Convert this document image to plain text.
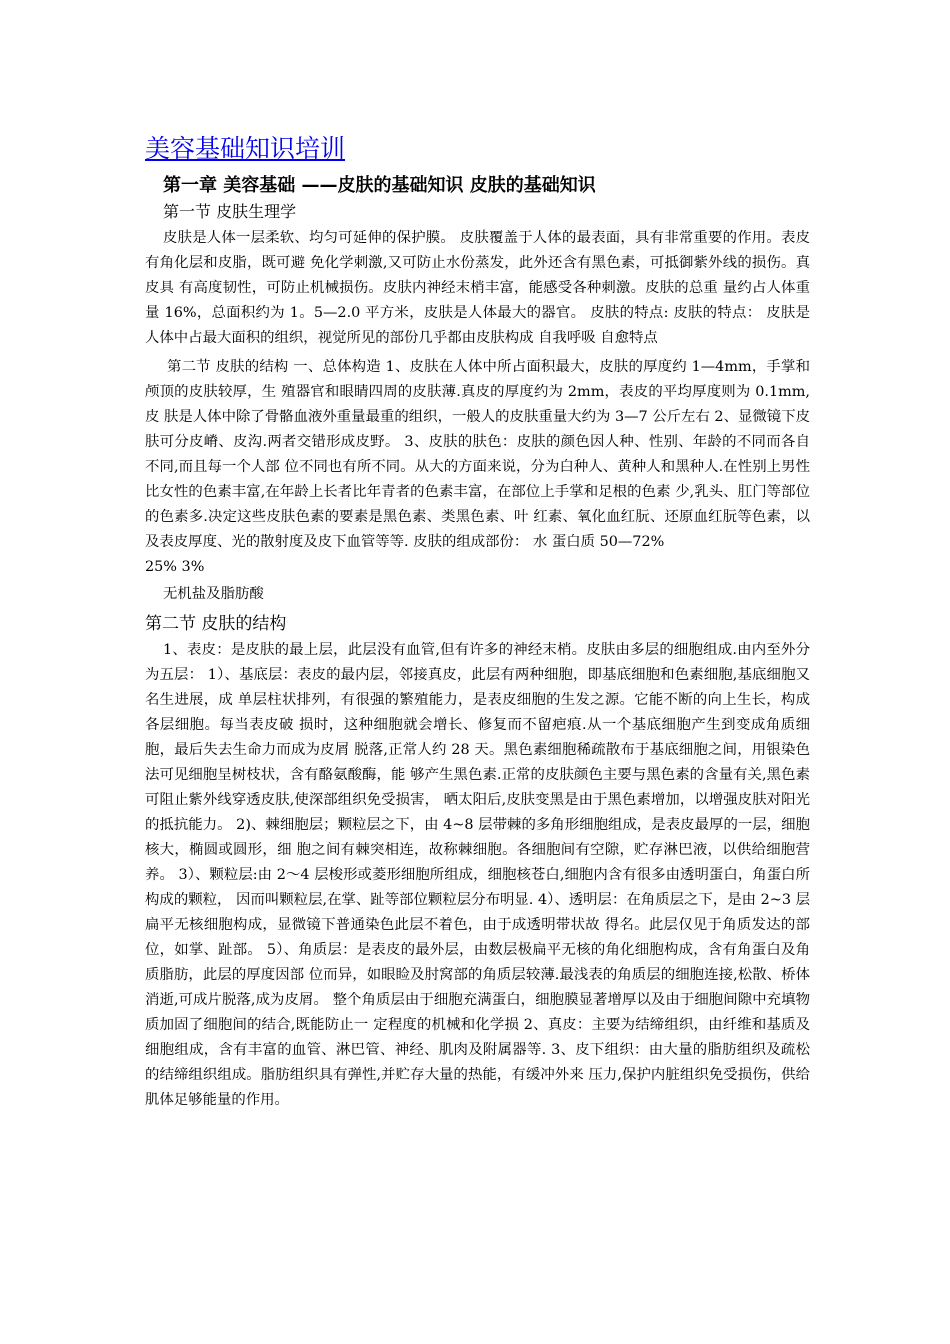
美容基础知识培训
第一章 美容基础 ——皮肤的基础知识 皮肤的基础知识
第一节 皮肤生理学

皮肤是人体一层柔软、均匀可延伸的保护膜。 皮肤覆盖于人体的最表面，具有非常重要的作用。表皮有角化层和皮脂，既可避 免化学刺激,又可防止水份蒸发，此外还含有黑色素，可抵御紫外线的损伤。真皮具 有高度韧性，可防止机械损伤。皮肤内神经末梢丰富，能感受各种刺激。皮肤的总重 量约占人体重量 16%，总面积约为 1。5—2.0 平方米，皮肤是人体最大的器官。 皮肤的特点: 皮肤的特点： 皮肤是人体中占最大面积的组织，视觉所见的部份几乎都由皮肤构成 自我呼吸 自愈特点

第二节 皮肤的结构 一、总体构造 1、皮肤在人体中所占面积最大，皮肤的厚度约 1—4mm，手掌和颅顶的皮肤较厚，生 殖器官和眼睛四周的皮肤薄.真皮的厚度约为 2mm，表皮的平均厚度则为 0.1mm,皮 肤是人体中除了骨骼血液外重量最重的组织，一般人的皮肤重量大约为 3—7 公斤左右 2、显微镜下皮肤可分皮嵴、皮沟.两者交错形成皮野。 3、皮肤的肤色：皮肤的颜色因人种、性别、年龄的不同而各自不同,而且每一个人部 位不同也有所不同。从大的方面来说，分为白种人、黄种人和黑种人.在性别上男性 比女性的色素丰富,在年龄上长者比年青者的色素丰富，在部位上手掌和足根的色素 少,乳头、肛门等部位的色素多.决定这些皮肤色素的要素是黑色素、类黑色素、叶 红素、氧化血红朊、还原血红朊等色素，以及表皮厚度、光的散射度及皮下血管等等. 皮肤的组成部份： 水 蛋白质 50—72%

25% 3%

无机盐及脂肪酸
第二节 皮肤的结构

1、表皮：是皮肤的最上层，此层没有血管,但有许多的神经末梢。皮肤由多层的细胞组成.由内至外分为五层： 1）、基底层：表皮的最内层，邻接真皮，此层有两种细胞，即基底细胞和色素细胞,基底细胞又名生进展，成 单层柱状排列，有很强的繁殖能力，是表皮细胞的生发之源。它能不断的向上生长，构成各层细胞。每当表皮破 损时，这种细胞就会增长、修复而不留疤痕.从一个基底细胞产生到变成角质细胞，最后失去生命力而成为皮屑 脱落,正常人约 28 天。黑色素细胞稀疏散布于基底细胞之间，用银染色法可见细胞呈树枝状，含有酪氨酸酶，能 够产生黑色素.正常的皮肤颜色主要与黑色素的含量有关,黑色素可阻止紫外线穿透皮肤,使深部组织免受损害， 晒太阳后,皮肤变黑是由于黑色素增加，以增强皮肤对阳光的抵抗能力。 2)、棘细胞层；颗粒层之下，由 4~8 层带棘的多角形细胞组成，是表皮最厚的一层，细胞核大，椭圆或圆形，细 胞之间有棘突相连，故称棘细胞。各细胞间有空隙，贮存淋巴液，以供给细胞营养。 3）、颗粒层:由 2～4 层梭形或菱形细胞所组成，细胞核苍白,细胞内含有很多由透明蛋白，角蛋白所构成的颗粒， 因而叫颗粒层,在掌、趾等部位颗粒层分布明显. 4）、透明层：在角质层之下，是由 2~3 层扁平无核细胞构成，显微镜下普通染色此层不着色，由于成透明带状故 得名。此层仅见于角质发达的部位，如掌、趾部。 5）、角质层：是表皮的最外层，由数层极扁平无核的角化细胞构成，含有角蛋白及角质脂肪，此层的厚度因部 位而异，如眼睑及肘窝部的角质层较薄.最浅表的角质层的细胞连接,松散、桥体消逝,可成片脱落,成为皮屑。 整个角质层由于细胞充满蛋白，细胞膜显著增厚以及由于细胞间隙中充填物质加固了细胞间的结合,既能防止一 定程度的机械和化学损 2、真皮：主要为结缔组织，由纤维和基质及细胞组成，含有丰富的血管、淋巴管、神经、肌肉及附属器等. 3、皮下组织：由大量的脂肪组织及疏松的结缔组织组成。脂肪组织具有弹性,并贮存大量的热能，有缓冲外来 压力,保护内脏组织免受损伤，供给肌体足够能量的作用。
